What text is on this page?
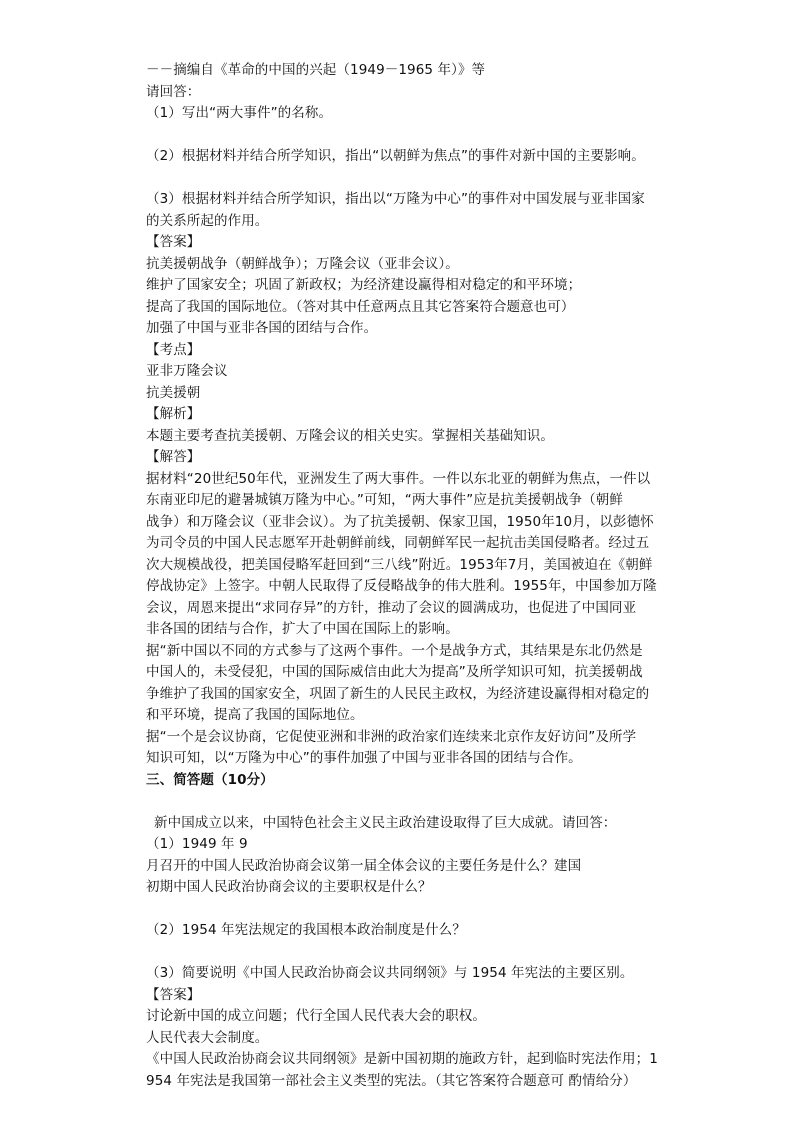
－－摘编自《革命的中国的兴起（1949－1965 年）》等
请回答：
（1）写出“两大事件”的名称。
（2）根据材料并结合所学知识，指出“以朝鲜为焦点”的事件对新中国的主要影响。
（3）根据材料并结合所学知识，指出以“万隆为中心”的事件对中国发展与亚非国家
的关系所起的作用。
【答案】
抗美援朝战争（朝鲜战争）；万隆会议（亚非会议）。
维护了国家安全；巩固了新政权；为经济建设赢得相对稳定的和平环境；
提高了我国的国际地位。（答对其中任意两点且其它答案符合题意也可）
加强了中国与亚非各国的团结与合作。
【考点】
亚非万隆会议
抗美援朝
【解析】
本题主要考查抗美援朝、万隆会议的相关史实。掌握相关基础知识。
【解答】
据材料“20世纪50年代，亚洲发生了两大事件。一件以东北亚的朝鲜为焦点，一件以
东南亚印尼的避暑城镇万隆为中心。”可知，“两大事件”应是抗美援朝战争（朝鲜
战争）和万隆会议（亚非会议）。为了抗美援朝、保家卫国，1950年10月，以彭德怀
为司令员的中国人民志愿军开赴朝鲜前线，同朝鲜军民一起抗击美国侵略者。经过五
次大规模战役，把美国侵略军赶回到“三八线”附近。1953年7月，美国被迫在《朝鲜
停战协定》上签字。中朝人民取得了反侵略战争的伟大胜利。1955年，中国参加万隆
会议，周恩来提出“求同存异”的方针，推动了会议的圆满成功，也促进了中国同亚
非各国的团结与合作，扩大了中国在国际上的影响。
据“新中国以不同的方式参与了这两个事件。一个是战争方式，其结果是东北仍然是
中国人的，未受侵犯，中国的国际威信由此大为提高”及所学知识可知，抗美援朝战
争维护了我国的国家安全，巩固了新生的人民民主政权，为经济建设赢得相对稳定的
和平环境，提高了我国的国际地位。
据“一个是会议协商，它促使亚洲和非洲的政治家们连续来北京作友好访问”及所学
知识可知，以“万隆为中心”的事件加强了中国与亚非各国的团结与合作。
三、简答题（10分）
新中国成立以来，中国特色社会主义民主政治建设取得了巨大成就。请回答：
（1）1949 年 9
月召开的中国人民政治协商会议第一届全体会议的主要任务是什么？建国
初期中国人民政治协商会议的主要职权是什么？
（2）1954 年宪法规定的我国根本政治制度是什么？
（3）简要说明《中国人民政治协商会议共同纲领》与 1954 年宪法的主要区别。
【答案】
讨论新中国的成立问题；代行全国人民代表大会的职权。
人民代表大会制度。
《中国人民政治协商会议共同纲领》是新中国初期的施政方针，起到临时宪法作用；1
954 年宪法是我国第一部社会主义类型的宪法。（其它答案符合题意可 酌情给分）
